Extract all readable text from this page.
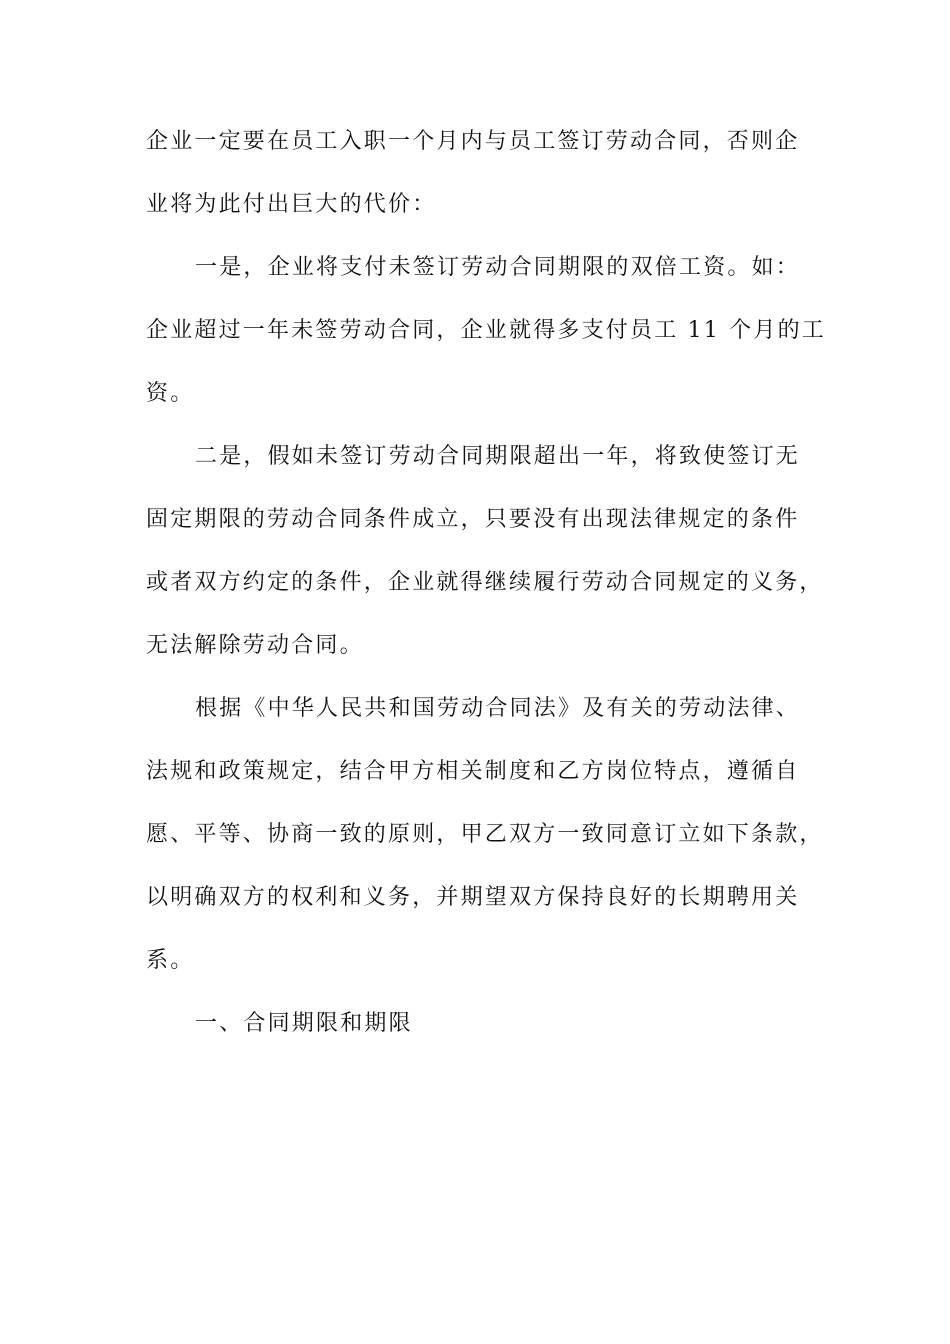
企业一定要在员工入职一个月内与员工签订劳动合同，否则企

业将为此付出巨大的代价：

一是，企业将支付未签订劳动合同期限的双倍工资。如：

企业超过一年未签劳动合同，企业就得多支付员工 11 个月的工

资。

二是，假如未签订劳动合同期限超出一年，将致使签订无

固定期限的劳动合同条件成立，只要没有出现法律规定的条件

或者双方约定的条件，企业就得继续履行劳动合同规定的义务，

无法解除劳动合同。

根据《中华人民共和国劳动合同法》及有关的劳动法律、

法规和政策规定，结合甲方相关制度和乙方岗位特点，遵循自

愿、平等、协商一致的原则，甲乙双方一致同意订立如下条款，

以明确双方的权利和义务，并期望双方保持良好的长期聘用关

系。

一、合同期限和期限
